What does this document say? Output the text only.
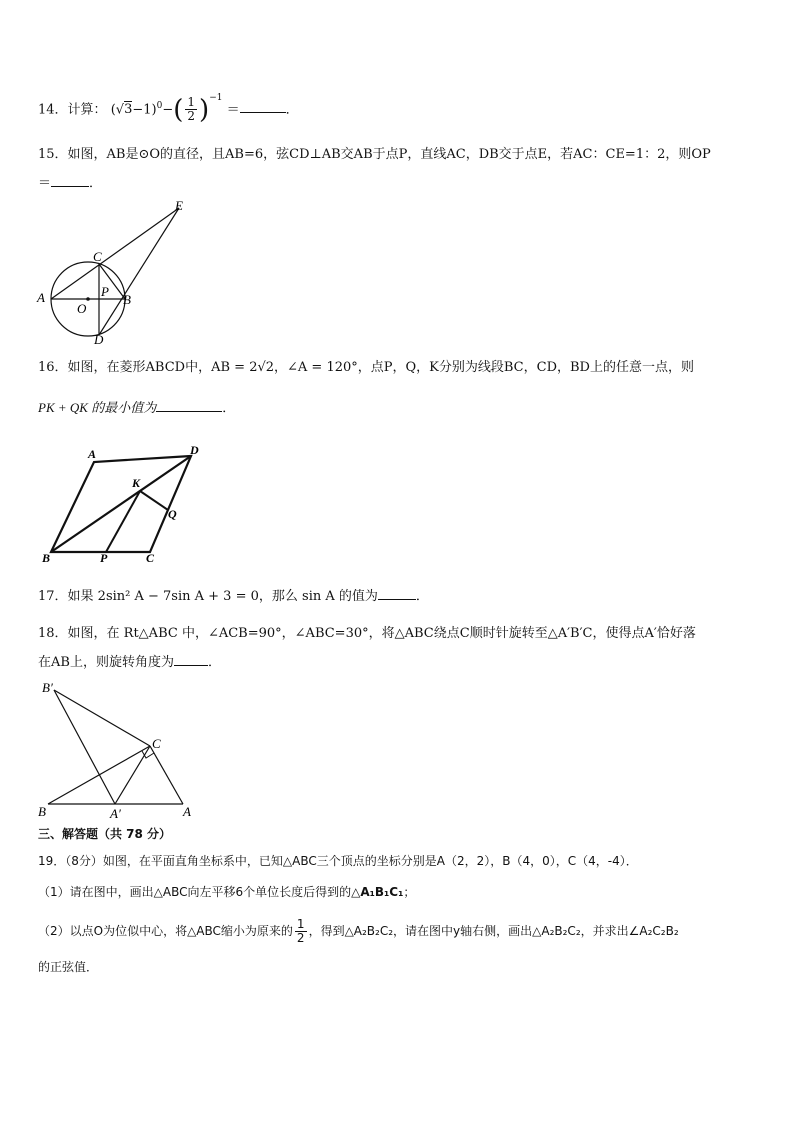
14．计算： $(√3-1)^0-( \frac{1}{2} )^{-1}$ ＝	．
15．如图，AB是⊙O的直径，且AB=6，弦CD⊥AB交AB于点P，直线AC，DB交于点E，若AC：CE=1：2，则OP
＝	．
E
C
A	P
B
O
D
16．如图，在菱形ABCD中，AB = 2√2，∠A = 120°，点P，Q，K分别为线段BC，CD，BD上的任意一点，则
PK + QK 的最小值为	．
A	D
K
Q
B	P	C
17．如果 2sin² A − 7sin A + 3 = 0，那么 sin A 的值为	．
18．如图，在 Rt△ABC 中，∠ACB=90°，∠ABC=30°，将△ABC绕点C顺时针旋转至△A′B′C，使得点A′恰好落
在AB上，则旋转角度为	．
B′
C
B	A′	A
三、解答题（共 78 分）
19．（8分）如图，在平面直角坐标系中，已知△ABC三个顶点的坐标分别是A（2，2），B（4，0），C（4，-4）．
（1）请在图中，画出△ABC向左平移6个单位长度后得到的△A₁B₁C₁；
（2）以点O为位似中心，将△ABC缩小为原来的 $\frac{1}{2}$ ，得到△A₂B₂C₂，请在图中y轴右侧，画出△A₂B₂C₂，并求出∠A₂C₂B₂
的正弦值．
